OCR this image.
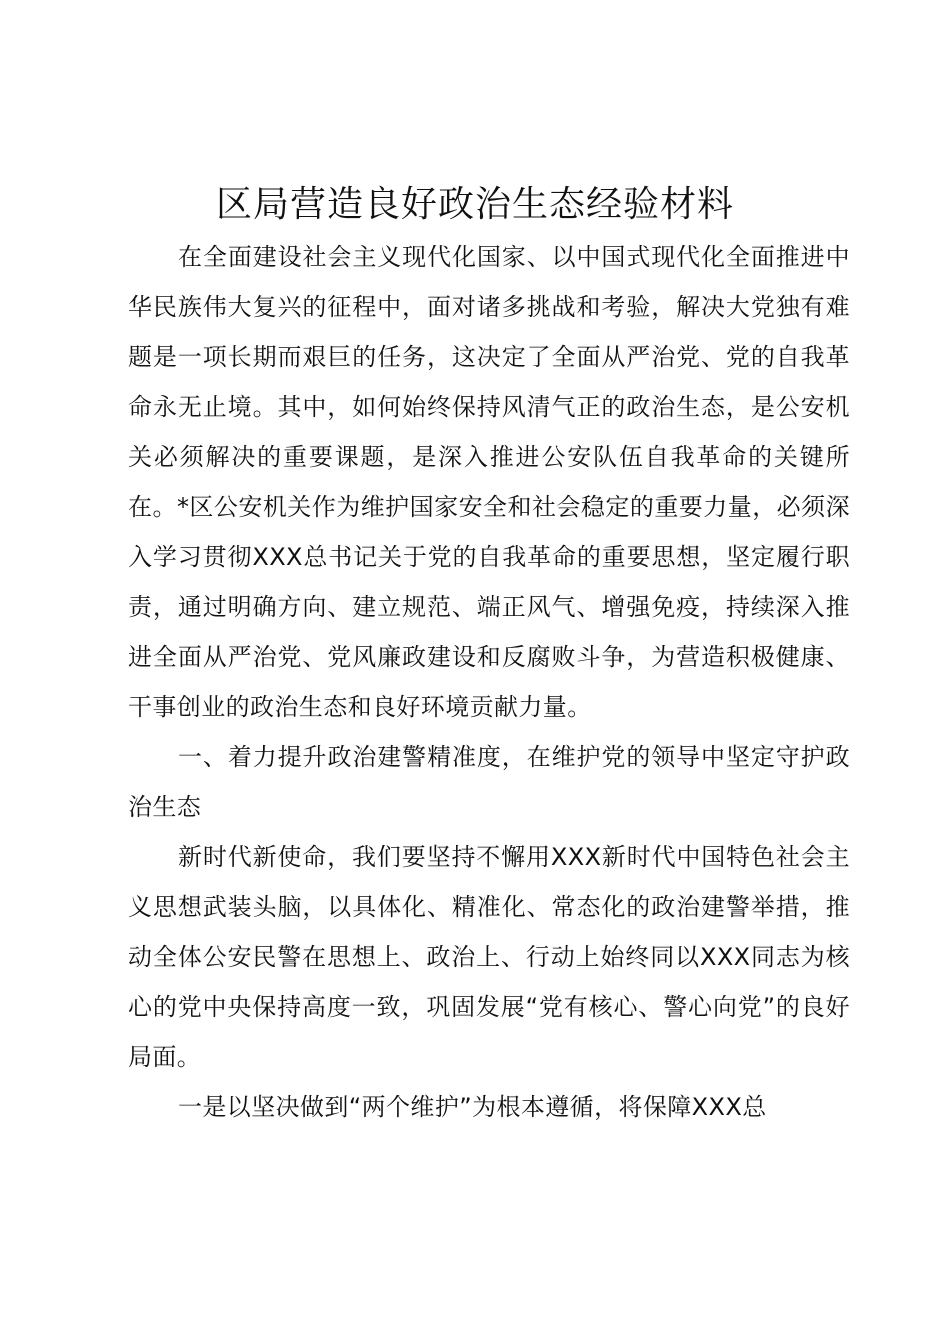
区局营造良好政治生态经验材料

在全面建设社会主义现代化国家、以中国式现代化全面推进中华民族伟大复兴的征程中，面对诸多挑战和考验，解决大党独有难题是一项长期而艰巨的任务，这决定了全面从严治党、党的自我革命永无止境。其中，如何始终保持风清气正的政治生态，是公安机关必须解决的重要课题，是深入推进公安队伍自我革命的关键所在。*区公安机关作为维护国家安全和社会稳定的重要力量，必须深入学习贯彻XXX总书记关于党的自我革命的重要思想，坚定履行职责，通过明确方向、建立规范、端正风气、增强免疫，持续深入推进全面从严治党、党风廉政建设和反腐败斗争，为营造积极健康、干事创业的政治生态和良好环境贡献力量。

一、着力提升政治建警精准度，在维护党的领导中坚定守护政治生态

新时代新使命，我们要坚持不懈用XXX新时代中国特色社会主义思想武装头脑，以具体化、精准化、常态化的政治建警举措，推动全体公安民警在思想上、政治上、行动上始终同以XXX同志为核心的党中央保持高度一致，巩固发展“党有核心、警心向党”的良好局面。

一是以坚决做到“两个维护”为根本遵循，将保障XXX总
